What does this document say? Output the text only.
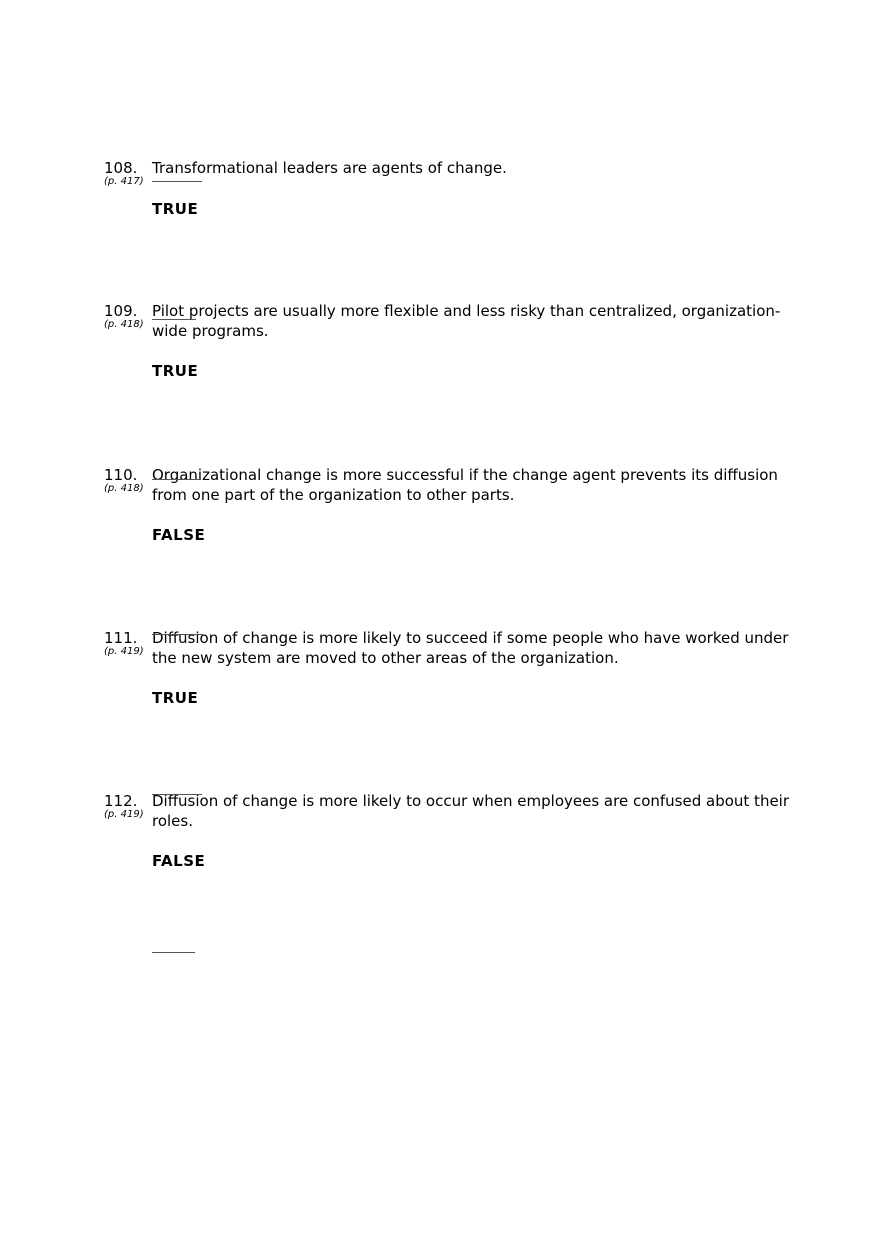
108.
(p. 417)
Transformational leaders are agents of change.
TRUE
109.
(p. 418)
Pilot projects are usually more flexible and less risky than centralized, organization-wide programs.
TRUE
110.
(p. 418)
Organizational change is more successful if the change agent prevents its diffusion from one part of the organization to other parts.
FALSE
111.
(p. 419)
Diffusion of change is more likely to succeed if some people who have worked under the new system are moved to other areas of the organization.
TRUE
112.
(p. 419)
Diffusion of change is more likely to occur when employees are confused about their roles.
FALSE
